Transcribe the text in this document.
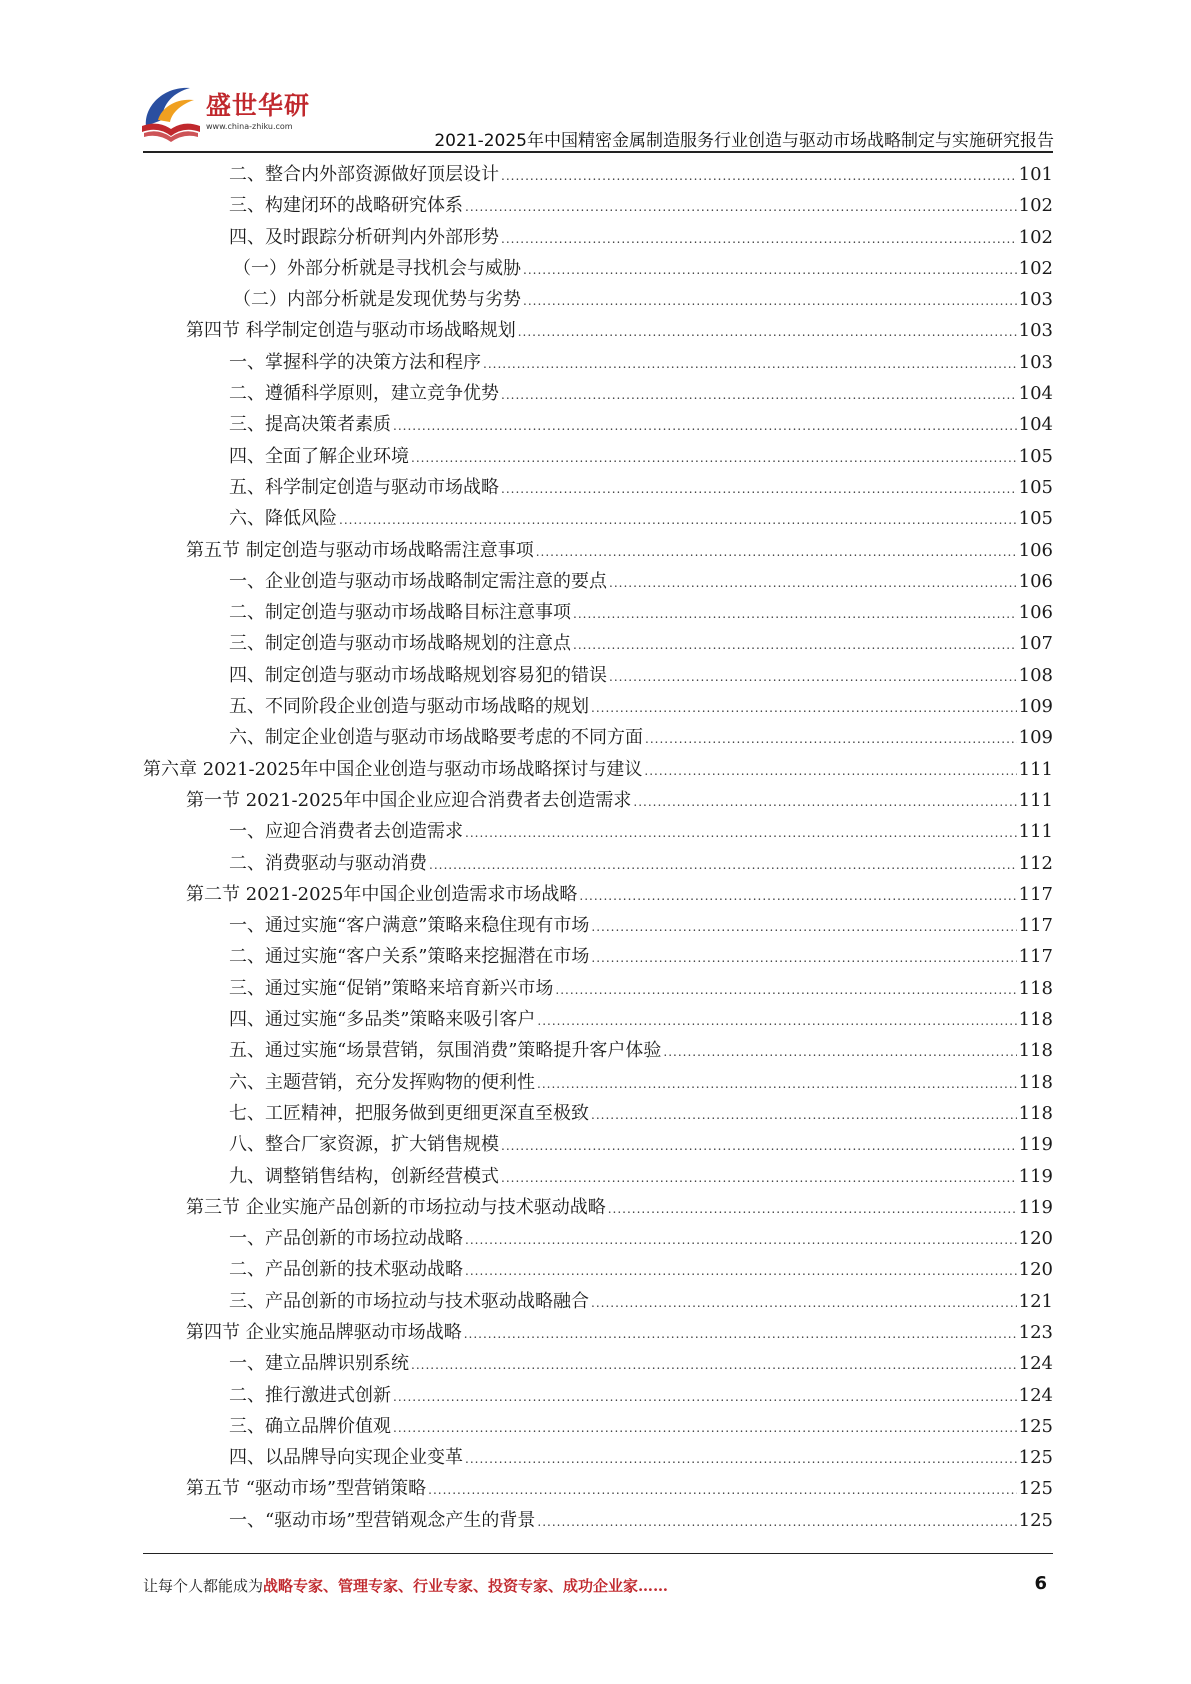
盛世华研
www.china-zhiku.com
2021-2025年中国精密金属制造服务行业创造与驱动市场战略制定与实施研究报告
二、整合内外部资源做好顶层设计 .....	101
三、构建闭环的战略研究体系 .....	102
四、及时跟踪分析研判内外部形势 .....	102
（一）外部分析就是寻找机会与威胁 .....	102
（二）内部分析就是发现优势与劣势 .....	103
第四节 科学制定创造与驱动市场战略规划 .....	103
一、掌握科学的决策方法和程序 .....	103
二、遵循科学原则，建立竞争优势 .....	104
三、提高决策者素质 .....	104
四、全面了解企业环境 .....	105
五、科学制定创造与驱动市场战略 .....	105
六、降低风险 .....	105
第五节 制定创造与驱动市场战略需注意事项 .....	106
一、企业创造与驱动市场战略制定需注意的要点 .....	106
二、制定创造与驱动市场战略目标注意事项 .....	106
三、制定创造与驱动市场战略规划的注意点 .....	107
四、制定创造与驱动市场战略规划容易犯的错误 .....	108
五、不同阶段企业创造与驱动市场战略的规划 .....	109
六、制定企业创造与驱动市场战略要考虑的不同方面 .....	109
第六章 2021-2025年中国企业创造与驱动市场战略探讨与建议 .....	111
第一节 2021-2025年中国企业应迎合消费者去创造需求 .....	111
一、应迎合消费者去创造需求 .....	111
二、消费驱动与驱动消费 .....	112
第二节 2021-2025年中国企业创造需求市场战略 .....	117
一、通过实施“客户满意”策略来稳住现有市场 .....	117
二、通过实施“客户关系”策略来挖掘潜在市场 .....	117
三、通过实施“促销”策略来培育新兴市场 .....	118
四、通过实施“多品类”策略来吸引客户 .....	118
五、通过实施“场景营销，氛围消费”策略提升客户体验 .....	118
六、主题营销，充分发挥购物的便利性 .....	118
七、工匠精神，把服务做到更细更深直至极致 .....	118
八、整合厂家资源，扩大销售规模 .....	119
九、调整销售结构，创新经营模式 .....	119
第三节 企业实施产品创新的市场拉动与技术驱动战略 .....	119
一、产品创新的市场拉动战略 .....	120
二、产品创新的技术驱动战略 .....	120
三、产品创新的市场拉动与技术驱动战略融合 .....	121
第四节 企业实施品牌驱动市场战略 .....	123
一、建立品牌识别系统 .....	124
二、推行激进式创新 .....	124
三、确立品牌价值观 .....	125
四、以品牌导向实现企业变革 .....	125
第五节 “驱动市场”型营销策略 .....	125
一、“驱动市场”型营销观念产生的背景 .....	125
让每个人都能成为战略专家、管理专家、行业专家、投资专家、成功企业家……	6
